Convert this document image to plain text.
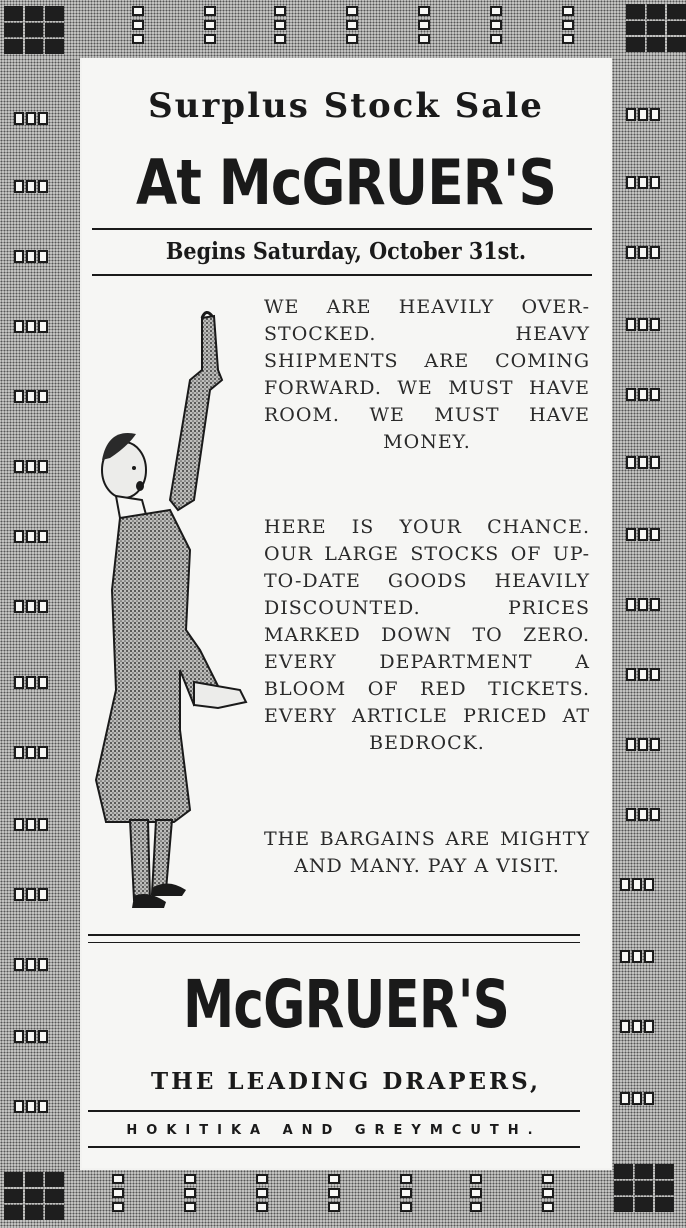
Surplus Stock Sale
At McGRUER'S
Begins Saturday, October 31st.
WE ARE HEAVILY OVER-STOCKED. HEAVY SHIPMENTS ARE COMING FORWARD. WE MUST HAVE ROOM. WE MUST HAVE MONEY.
HERE IS YOUR CHANCE. OUR LARGE STOCKS OF UP-TO-DATE GOODS HEAVILY DISCOUNTED. PRICES MARKED DOWN TO ZERO. EVERY DEPARTMENT A BLOOM OF RED TICKETS. EVERY ARTICLE PRICED AT BEDROCK.
THE BARGAINS ARE MIGHTY AND MANY. PAY A VISIT.
McGRUER'S
THE LEADING DRAPERS,
HOKITIKA AND GREYMCUTH.
